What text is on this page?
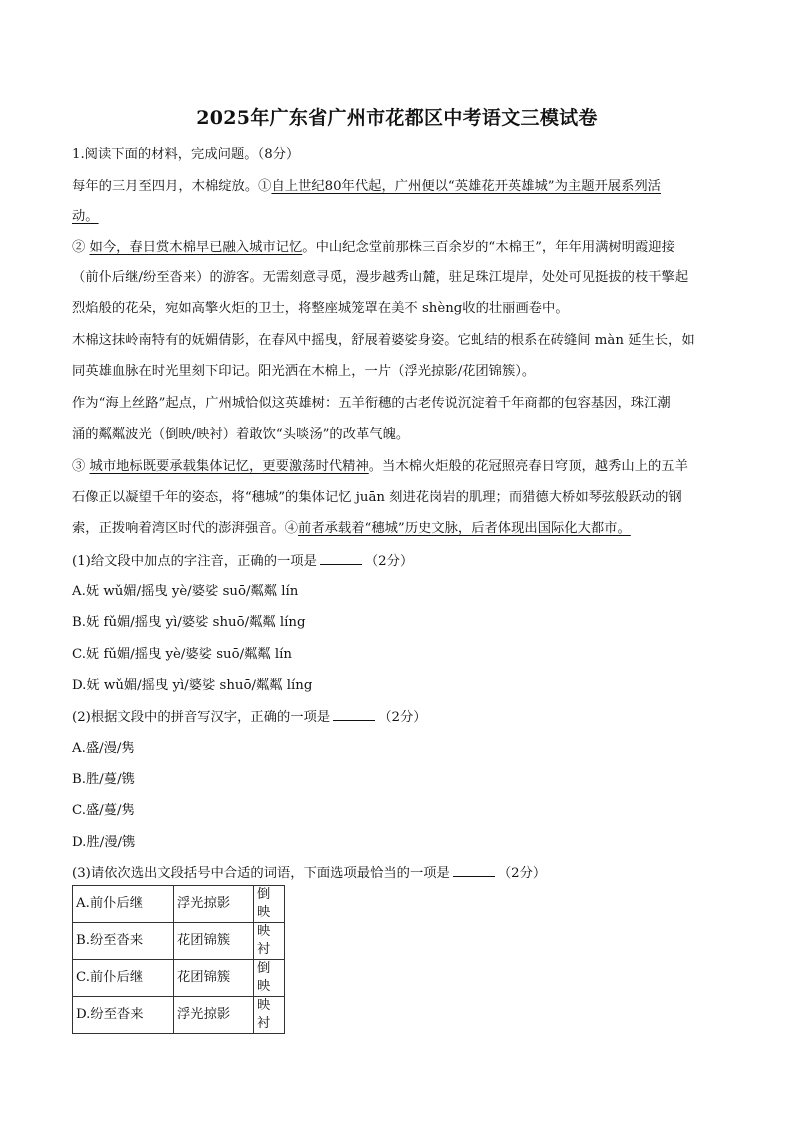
2025年广东省广州市花都区中考语文三模试卷
1.阅读下面的材料，完成问题。（8分）
每年的三月至四月，木棉绽放。①自上世纪80年代起，广州便以“英雄花开英雄城”为主题开展系列活
动。
② 如今，春日赏木棉早已融入城市记忆。中山纪念堂前那株三百余岁的“木棉王”，年年用满树明霞迎接
（前仆后继/纷至沓来）的游客。无需刻意寻觅，漫步越秀山麓，驻足珠江堤岸，处处可见挺拔的枝干擎起
烈焰般的花朵，宛如高擎火炬的卫士，将整座城笼罩在美不 shèng收的壮丽画卷中。
木棉这抹岭南特有的妩媚倩影，在春风中摇曳，舒展着婆娑身姿。它虬结的根系在砖缝间 màn 延生长，如
同英雄血脉在时光里刻下印记。阳光洒在木棉上，一片（浮光掠影/花团锦簇）。
作为“海上丝路”起点，广州城恰似这英雄树：五羊衔穗的古老传说沉淀着千年商都的包容基因，珠江潮
涌的粼粼波光（倒映/映衬）着敢饮“头啖汤”的改革气魄。
③ 城市地标既要承载集体记忆，更要激荡时代精神。当木棉火炬般的花冠照亮春日穹顶，越秀山上的五羊
石像正以凝望千年的姿态，将“穗城”的集体记忆 juān 刻进花岗岩的肌理；而猎德大桥如琴弦般跃动的钢
索，正拨响着湾区时代的澎湃强音。④前者承载着“穗城”历史文脉，后者体现出国际化大都市。
(1)给文段中加点的字注音，正确的一项是	（2分）
A.妩 wǔ媚/摇曳 yè/婆娑 suō/粼粼 lín
B.妩 fǔ媚/摇曳 yì/婆娑 shuō/粼粼 líng
C.妩 fǔ媚/摇曳 yè/婆娑 suō/粼粼 lín
D.妩 wǔ媚/摇曳 yì/婆娑 shuō/粼粼 líng
(2)根据文段中的拼音写汉字，正确的一项是	（2分）
A.盛/漫/隽
B.胜/蔓/镌
C.盛/蔓/隽
D.胜/漫/镌
(3)请依次选出文段括号中合适的词语，下面选项最恰当的一项是	（2分）
A.前仆后继	浮光掠影	倒映
B.纷至沓来	花团锦簇	映衬
C.前仆后继	花团锦簇	倒映
D.纷至沓来	浮光掠影	映衬
